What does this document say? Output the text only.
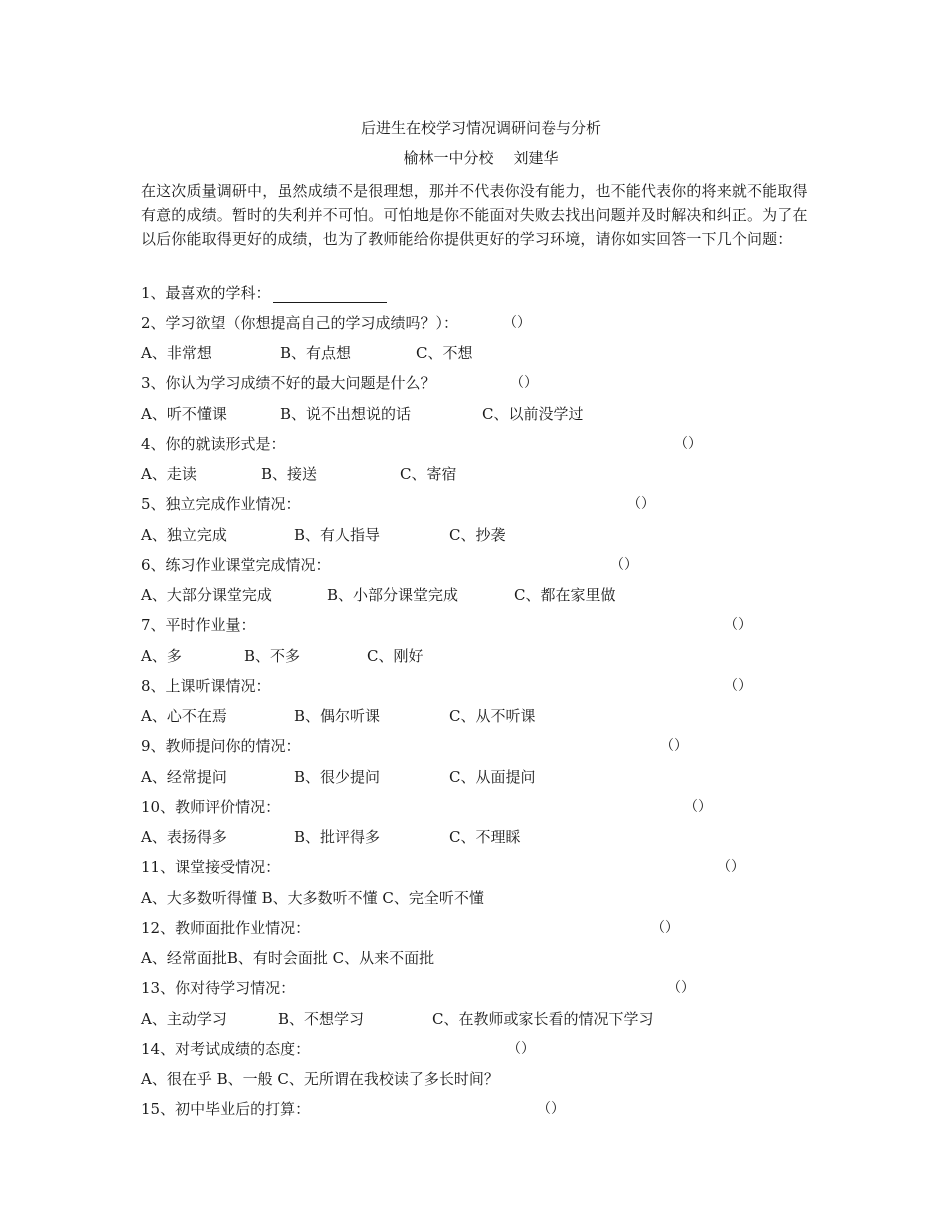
后进生在校学习情况调研问卷与分析
榆林一中分校 刘建华
在这次质量调研中，虽然成绩不是很理想，那并不代表你没有能力，也不能代表你的将来就不能取得有意的成绩。暂时的失利并不可怕。可怕地是你不能面对失败去找出问题并及时解决和纠正。为了在以后你能取得更好的成绩，也为了教师能给你提供更好的学习环境，请你如实回答一下几个问题：
1、最喜欢的学科：
2、学习欲望（你想提高自己的学习成绩吗？）：	（）
A、非常想	B、有点想	C、不想
3、你认为学习成绩不好的最大问题是什么？	（）
A、听不懂课	B、说不出想说的话	C、以前没学过
4、你的就读形式是：	（）
A、走读	B、接送	C、寄宿
5、独立完成作业情况：	（）
A、独立完成	B、有人指导	C、抄袭
6、练习作业课堂完成情况：	（）
A、大部分课堂完成	B、小部分课堂完成	C、都在家里做
7、平时作业量：	（）
A、多	B、不多	C、刚好
8、上课听课情况：	（）
A、心不在焉	B、偶尔听课	C、从不听课
9、教师提问你的情况：	（）
A、经常提问	B、很少提问	C、从面提问
10、教师评价情况：	（）
A、表扬得多	B、批评得多	C、不理睬
11、课堂接受情况：	（）
A、大多数听得懂 B、大多数听不懂 C、完全听不懂
12、教师面批作业情况：	（）
A、经常面批B、有时会面批 C、从来不面批
13、你对待学习情况：	（）
A、主动学习	B、不想学习	C、在教师或家长看的情况下学习
14、对考试成绩的态度：	（）
A、很在乎 B、一般 C、无所谓在我校读了多长时间？
15、初中毕业后的打算：	（）
